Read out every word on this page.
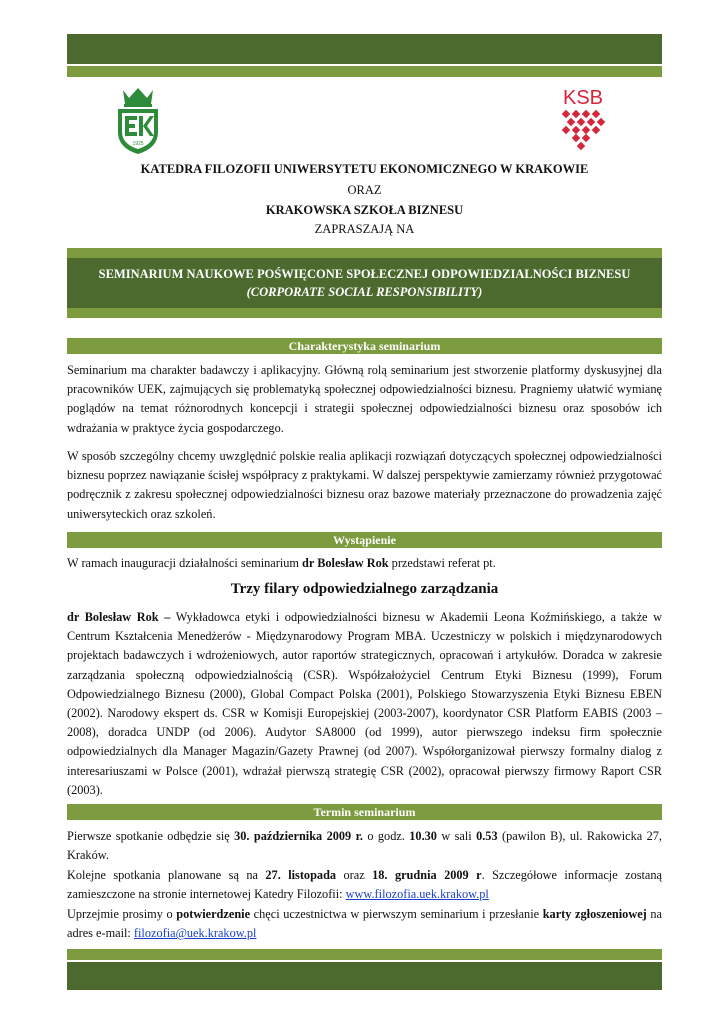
1925
KSB
KATEDRA FILOZOFII UNIWERSYTETU EKONOMICZNEGO W KRAKOWIE
ORAZ
KRAKOWSKA SZKOŁA BIZNESU
ZAPRASZAJĄ NA
SEMINARIUM NAUKOWE POŚWIĘCONE SPOŁECZNEJ ODPOWIEDZIALNOŚCI BIZNESU
(CORPORATE SOCIAL RESPONSIBILITY)
Charakterystyka seminarium
Seminarium ma charakter badawczy i aplikacyjny. Główną rolą seminarium jest stworzenie platformy dyskusyjnej dla pracowników UEK, zajmujących się problematyką społecznej odpowiedzialności biznesu. Pragniemy ułatwić wymianę poglądów na temat różnorodnych koncepcji i strategii społecznej odpowiedzialności biznesu oraz sposobów ich wdrażania w praktyce życia gospodarczego.
W sposób szczególny chcemy uwzględnić polskie realia aplikacji rozwiązań dotyczących społecznej odpowiedzialności biznesu poprzez nawiązanie ścisłej współpracy z praktykami. W dalszej perspektywie zamierzamy również przygotować podręcznik z zakresu społecznej odpowiedzialności biznesu oraz bazowe materiały przeznaczone do prowadzenia zajęć uniwersyteckich oraz szkoleń.
Wystąpienie
W ramach inauguracji działalności seminarium dr Bolesław Rok przedstawi referat pt.
Trzy filary odpowiedzialnego zarządzania
dr Bolesław Rok – Wykładowca etyki i odpowiedzialności biznesu w Akademii Leona Koźmińskiego, a także w Centrum Kształcenia Menedżerów - Międzynarodowy Program MBA. Uczestniczy w polskich i międzynarodowych projektach badawczych i wdrożeniowych, autor raportów strategicznych, opracowań i artykułów. Doradca w zakresie zarządzania społeczną odpowiedzialnością (CSR). Współzałożyciel Centrum Etyki Biznesu (1999), Forum Odpowiedzialnego Biznesu (2000), Global Compact Polska (2001), Polskiego Stowarzyszenia Etyki Biznesu EBEN (2002). Narodowy ekspert ds. CSR w Komisji Europejskiej (2003-2007), koordynator CSR Platform EABIS (2003 – 2008), doradca UNDP (od 2006). Audytor SA8000 (od 1999), autor pierwszego indeksu firm społecznie odpowiedzialnych dla Manager Magazin/Gazety Prawnej (od 2007). Współorganizował pierwszy formalny dialog z interesariuszami w Polsce (2001), wdrażał pierwszą strategię CSR (2002), opracował pierwszy firmowy Raport CSR (2003).
Termin seminarium
Pierwsze spotkanie odbędzie się 30. października 2009 r. o godz. 10.30 w sali 0.53 (pawilon B), ul. Rakowicka 27, Kraków.
Kolejne spotkania planowane są na 27. listopada oraz 18. grudnia 2009 r. Szczegółowe informacje zostaną zamieszczone na stronie internetowej Katedry Filozofii: www.filozofia.uek.krakow.pl
Uprzejmie prosimy o potwierdzenie chęci uczestnictwa w pierwszym seminarium i przesłanie karty zgłoszeniowej na adres e-mail: filozofia@uek.krakow.pl
